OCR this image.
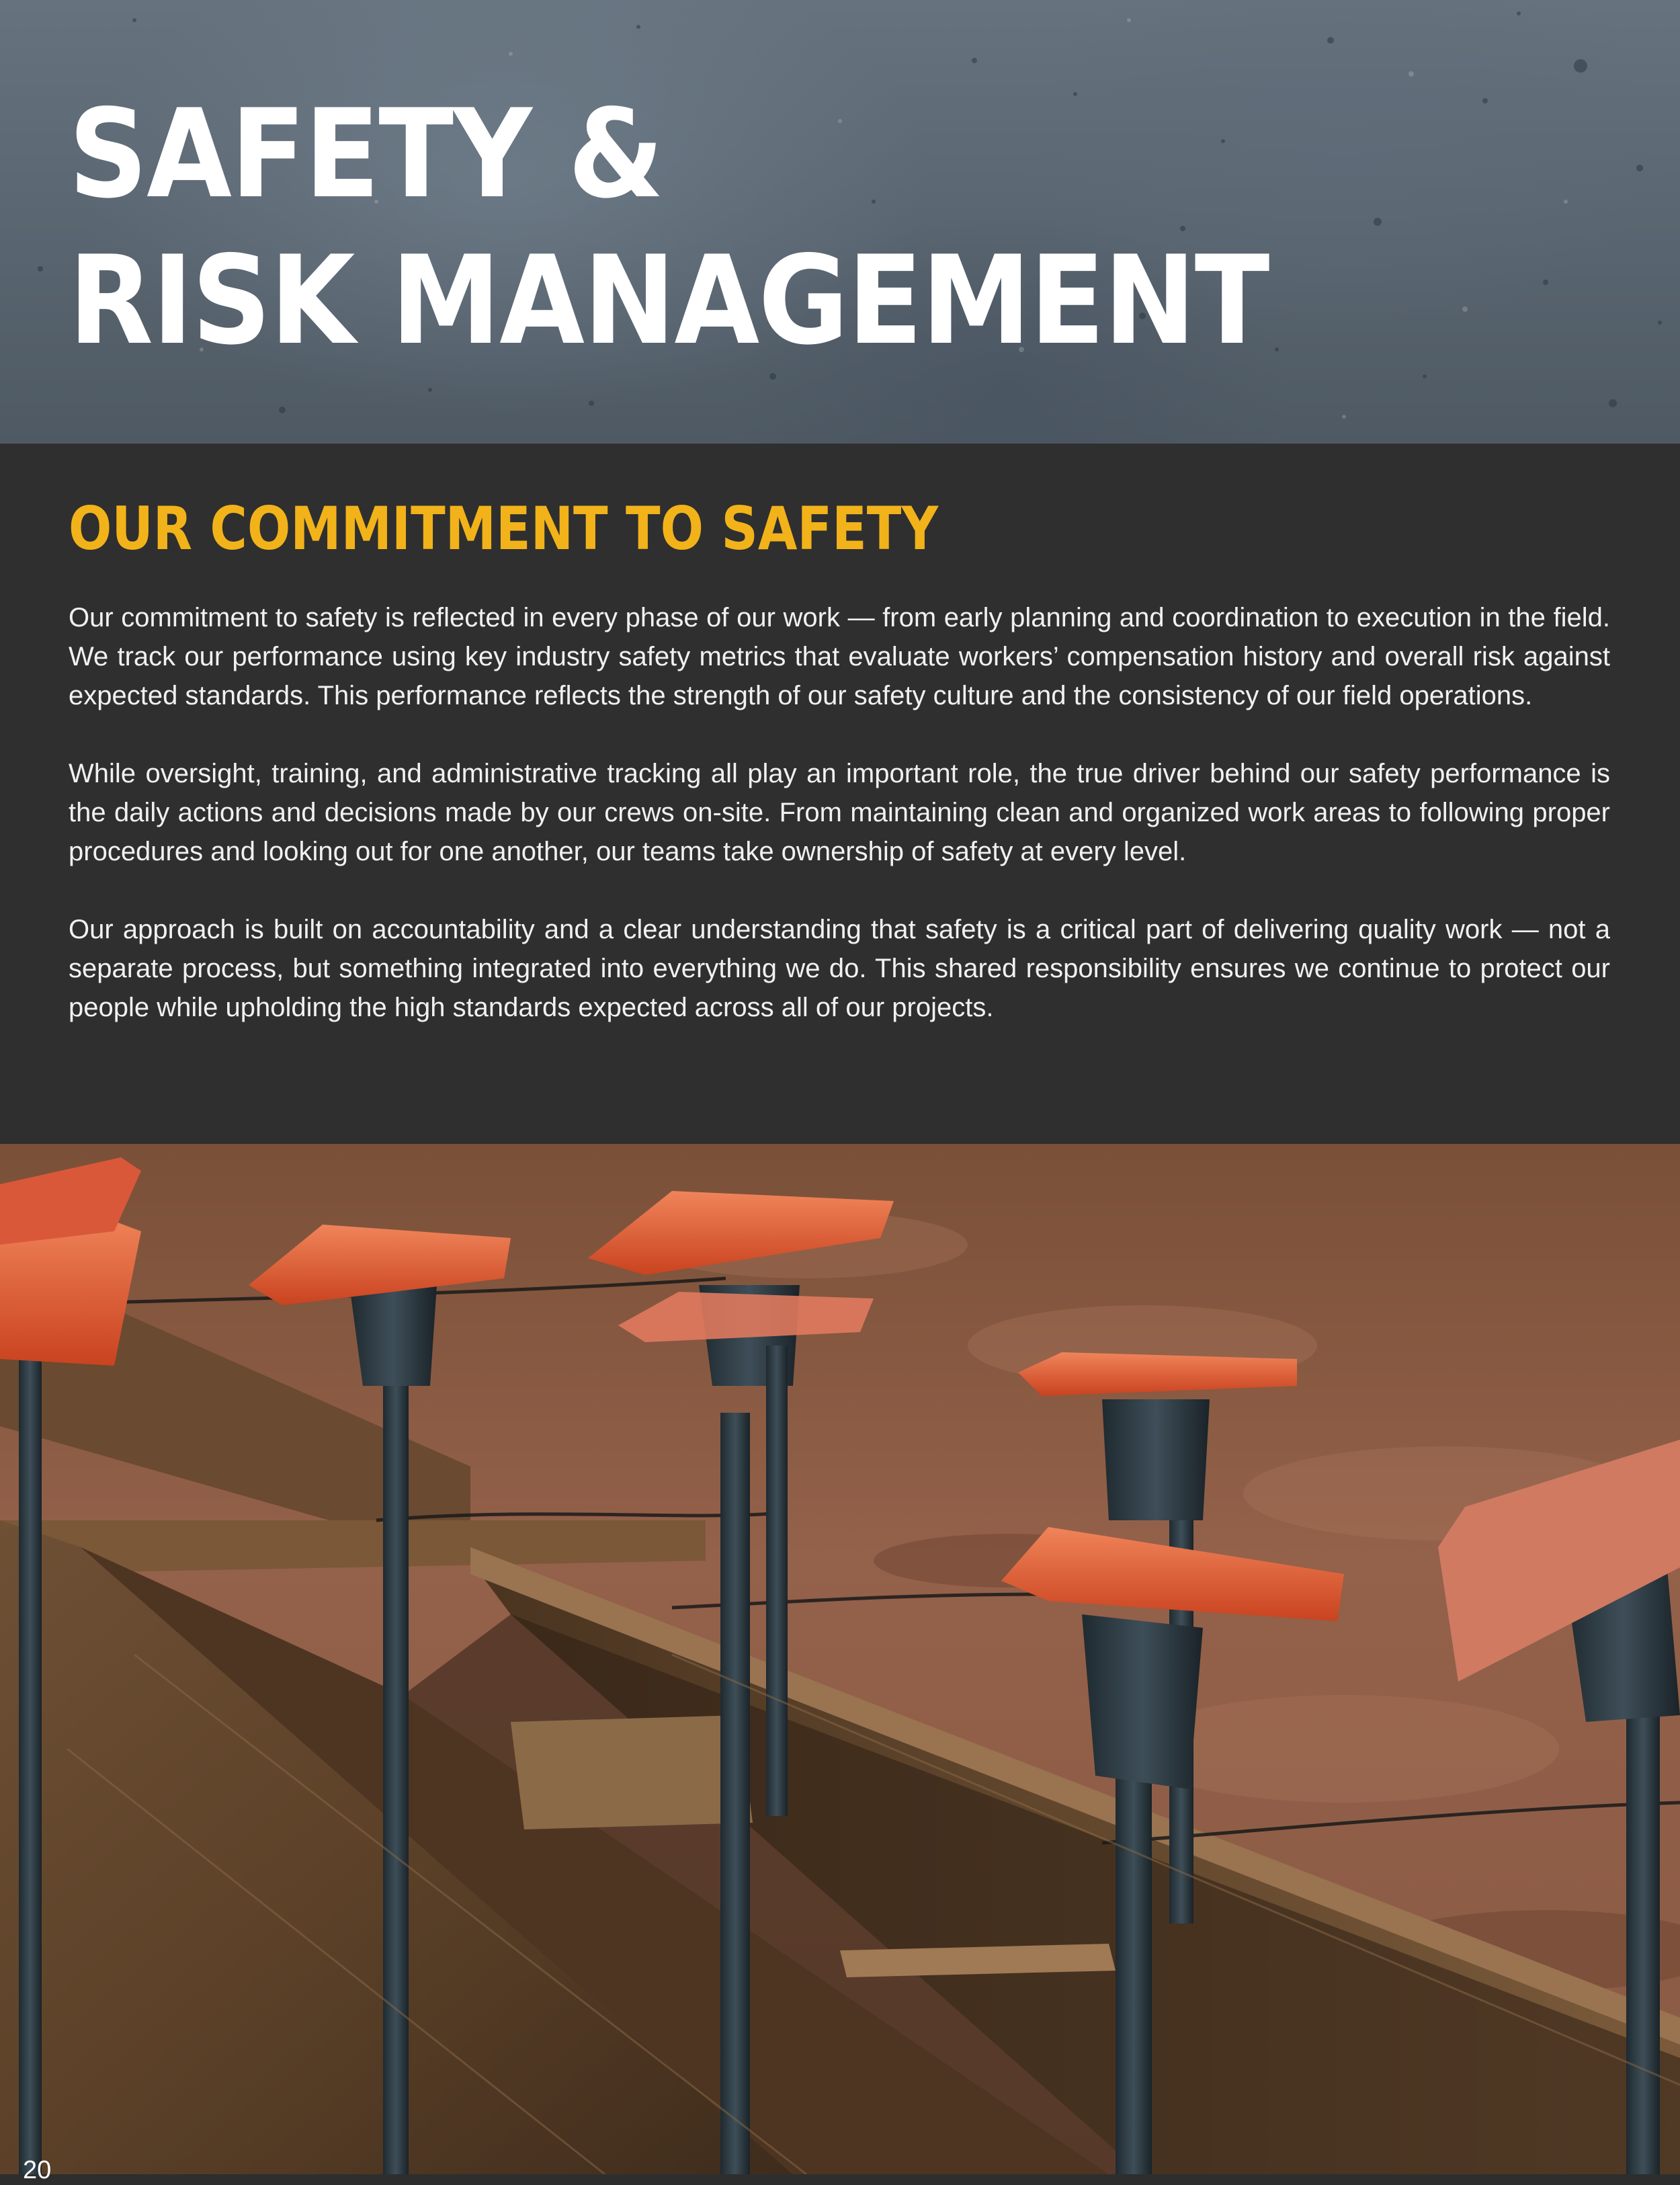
SAFETY &
RISK MANAGEMENT
OUR COMMITMENT TO SAFETY

Our commitment to safety is reflected in every phase of our work — from early planning and coordination to execution in the field. We track our performance using key industry safety metrics that evaluate workers’ compensation history and overall risk against expected standards. This performance reflects the strength of our safety culture and the consistency of our field operations.

While oversight, training, and administrative tracking all play an important role, the true driver behind our safety performance is the daily actions and decisions made by our crews on-site. From maintaining clean and organized work areas to following proper procedures and looking out for one another, our teams take ownership of safety at every level.

Our approach is built on accountability and a clear understanding that safety is a critical part of delivering quality work — not a separate process, but something integrated into everything we do. This shared responsibility ensures we continue to protect our people while upholding the high standards expected across all of our projects.

20
